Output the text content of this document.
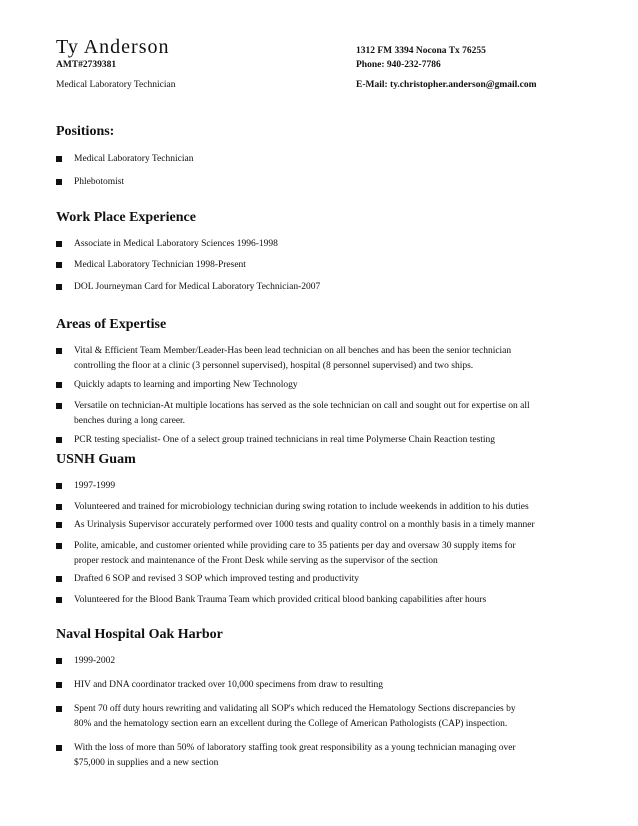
Ty Anderson	1312 FM 3394 Nocona Tx 76255
AMT#2739381	Phone: 940-232-7786
Medical Laboratory Technician	E-Mail: ty.christopher.anderson@gmail.com
Positions:
Medical Laboratory Technician
Phlebotomist
Work Place Experience
Associate in Medical Laboratory Sciences 1996-1998
Medical Laboratory Technician 1998-Present
DOL Journeyman Card for Medical Laboratory Technician-2007
Areas of Expertise
Vital & Efficient Team Member/Leader-Has been lead technician on all benches and has been the senior technician
controlling the floor at a clinic (3 personnel supervised), hospital (8 personnel supervised) and two ships.
Quickly adapts to learning and importing New Technology
Versatile on technician-At multiple locations has served as the sole technician on call and sought out for expertise on all
benches during a long career.
PCR testing specialist- One of a select group trained technicians in real time Polymerse Chain Reaction testing
USNH Guam
1997-1999
Volunteered and trained for microbiology technician during swing rotation to include weekends in addition to his duties
As Urinalysis Supervisor accurately performed over 1000 tests and quality control on a monthly basis in a timely manner
Polite, amicable, and customer oriented while providing care to 35 patients per day and oversaw 30 supply items for
proper restock and maintenance of the Front Desk while serving as the supervisor of the section
Drafted 6 SOP and revised 3 SOP which improved testing and productivity
Volunteered for the Blood Bank Trauma Team which provided critical blood banking capabilities after hours
Naval Hospital Oak Harbor
1999-2002
HIV and DNA coordinator tracked over 10,000 specimens from draw to resulting
Spent 70 off duty hours rewriting and validating all SOP's which reduced the Hematology Sections discrepancies by
80% and the hematology section earn an excellent during the College of American Pathologists (CAP) inspection.
With the loss of more than 50% of laboratory staffing took great responsibility as a young technician managing over
$75,000 in supplies and a new section
